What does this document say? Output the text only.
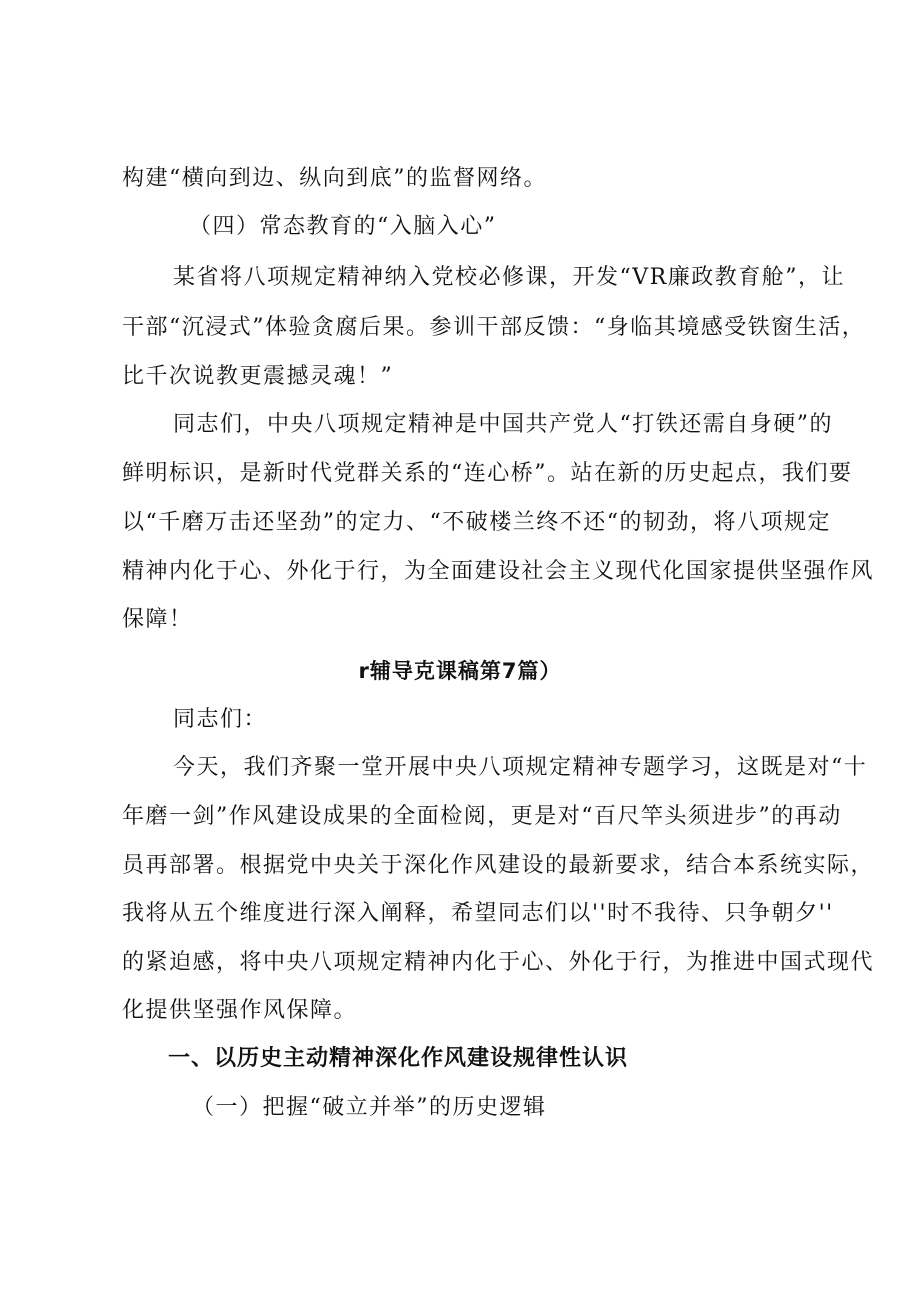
构建“横向到边、纵向到底”的监督网络。
（四）常态教育的“入脑入心”
某省将八项规定精神纳入党校必修课，开发“VR廉政教育舱”，让
干部“沉浸式”体验贪腐后果。参训干部反馈：“身临其境感受铁窗生活，
比千次说教更震撼灵魂！”
同志们，中央八项规定精神是中国共产党人“打铁还需自身硬”的
鲜明标识，是新时代党群关系的“连心桥”。站在新的历史起点，我们要
以“千磨万击还坚劲”的定力、“不破楼兰终不还“的韧劲，将八项规定
精神内化于心、外化于行，为全面建设社会主义现代化国家提供坚强作风
保障！
r辅导克课稿第7篇）
同志们：
今天，我们齐聚一堂开展中央八项规定精神专题学习，这既是对“十
年磨一剑”作风建设成果的全面检阅，更是对“百尺竿头须进步”的再动
员再部署。根据党中央关于深化作风建设的最新要求，结合本系统实际，
我将从五个维度进行深入阐释，希望同志们以''时不我待、只争朝夕''
的紧迫感，将中央八项规定精神内化于心、外化于行，为推进中国式现代
化提供坚强作风保障。
一、以历史主动精神深化作风建设规律性认识
（一）把握“破立并举”的历史逻辑
